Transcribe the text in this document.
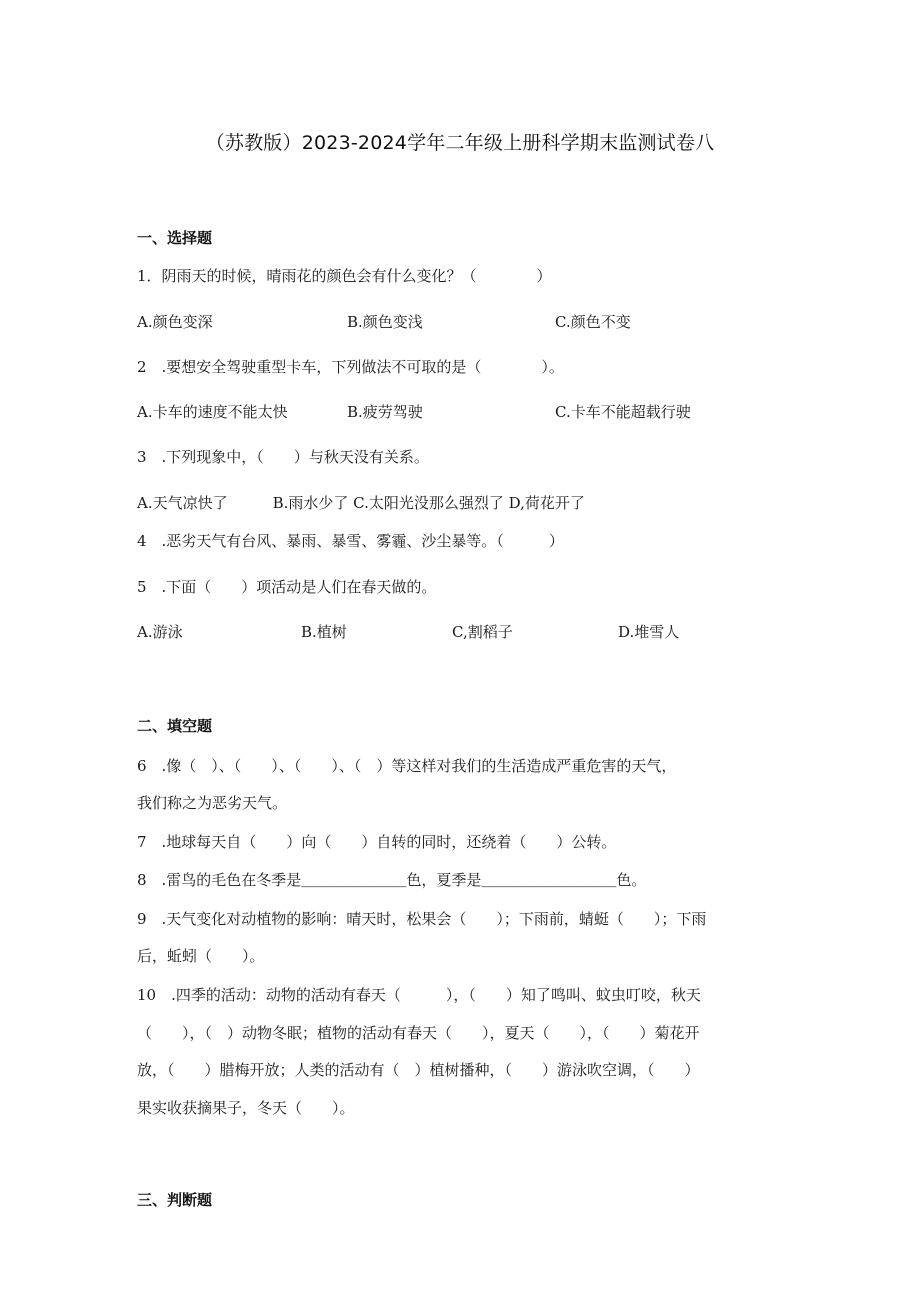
（苏教版）2023-2024学年二年级上册科学期末监测试卷八
一、选择题
1．阴雨天的时候，晴雨花的颜色会有什么变化？（　　　　）
A.颜色变深	B.颜色变浅	C.颜色不变
2　.要想安全驾驶重型卡车，下列做法不可取的是（　　　　）。
A.卡车的速度不能太快	B.疲劳驾驶	C.卡车不能超载行驶
3　.下列现象中，（　　）与秋天没有关系。
A.天气凉快了　　　B.雨水少了 C.太阳光没那么强烈了 D,荷花开了
4　.恶劣天气有台风、暴雨、暴雪、雾霾、沙尘暴等。（　　　）
5　.下面（　　）项活动是人们在春天做的。
A.游泳	B.植树	C,割稻子	D.堆雪人
二、填空题
6　.像（　）、（　　）、（　　）、（　）等这样对我们的生活造成严重危害的天气，
我们称之为恶劣天气。
7　.地球每天自（　　）向（　　）自转的同时，还绕着（　　）公转。
8　.雷鸟的毛色在冬季是＿＿＿＿＿＿＿色，夏季是＿＿＿＿＿＿＿＿＿色。
9　.天气变化对动植物的影响：晴天时，松果会（　　）；下雨前，蜻蜓（　　）；下雨
后，蚯蚓（　　）。
10　.四季的活动：动物的活动有春天（　　　），（　　）知了鸣叫、蚊虫叮咬，秋天
（　　），（　）动物冬眠；植物的活动有春天（　　），夏天（　　），（　　）菊花开
放，（　　）腊梅开放；人类的活动有（　）植树播种，（　　）游泳吹空调，（　　）
果实收获摘果子，冬天（　　）。
三、判断题
